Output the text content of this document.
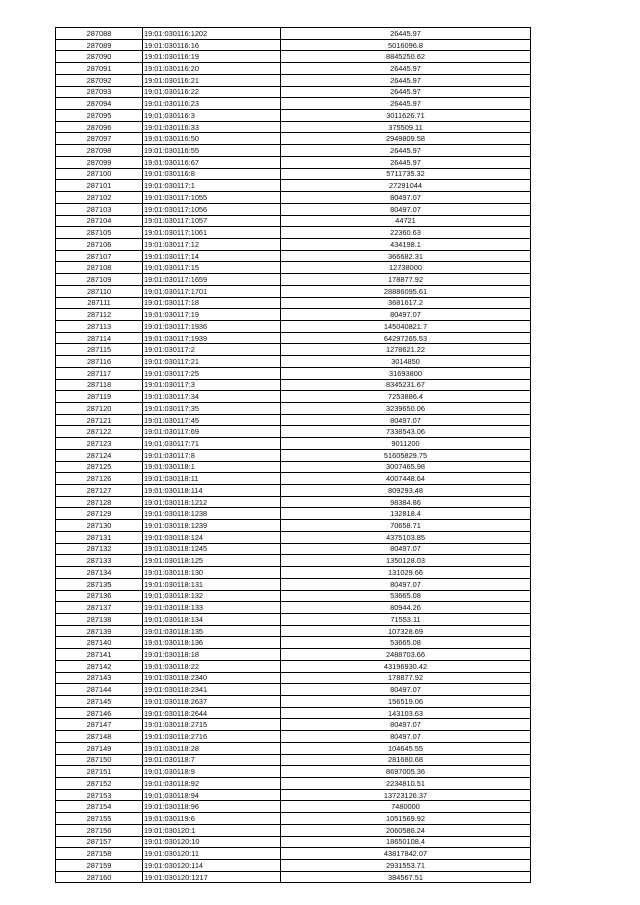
287088	19:01:030116:1202	26445.97
287089	19:01:030116:16	5016096.8
287090	19:01:030116:19	8845250.62
287091	19:01:030116:20	26445.97
287092	19:01:030116:21	26445.97
287093	19:01:030116:22	26445.97
287094	19:01:030116:23	26445.97
287095	19:01:030116:3	3011626.71
287096	19:01:030116:33	375509.11
287097	19:01:030116:50	2949809.58
287098	19:01:030116:55	26445.97
287099	19:01:030116:67	26445.97
287100	19:01:030116:8	5711735.32
287101	19:01:030117:1	27291044
287102	19:01:030117:1055	80497.07
287103	19:01:030117:1056	80497.07
287104	19:01:030117:1057	44721
287105	19:01:030117:1061	22360.63
287106	19:01:030117:12	434198.1
287107	19:01:030117:14	366682.31
287108	19:01:030117:15	12738000
287109	19:01:030117:1659	178877.92
287110	19:01:030117:1701	28886095.61
287111	19:01:030117:18	3681617.2
287112	19:01:030117:19	80497.07
287113	19:01:030117:1936	145040821.7
287114	19:01:030117:1939	64297265.53
287115	19:01:030117:2	1278621.22
287116	19:01:030117:21	3014850
287117	19:01:030117:25	31693800
287118	19:01:030117:3	8345231.67
287119	19:01:030117:34	7253886.4
287120	19:01:030117:35	3239650.06
287121	19:01:030117:45	80497.07
287122	19:01:030117:69	7338543.06
287123	19:01:030117:71	9011200
287124	19:01:030117:8	51605829.75
287125	19:01:030118:1	3007465.98
287126	19:01:030118:11	4007448.64
287127	19:01:030118:114	809293.48
287128	19:01:030118:1212	98384.86
287129	19:01:030118:1238	132818.4
287130	19:01:030118:1239	70658.71
287131	19:01:030118:124	4375103.85
287132	19:01:030118:1245	80497.07
287133	19:01:030118:125	1350128.03
287134	19:01:030118:130	131029.66
287135	19:01:030118:131	80497.07
287136	19:01:030118:132	53665.08
287137	19:01:030118:133	80944.26
287138	19:01:030118:134	71553.11
287139	19:01:030118:135	107328.69
287140	19:01:030118:136	53665.08
287141	19:01:030118:18	2488703.66
287142	19:01:030118:22	43196930.42
287143	19:01:030118:2340	178877.92
287144	19:01:030118:2341	80497.07
287145	19:01:030118:2637	156519.06
287146	19:01:030118:2644	143103.63
287147	19:01:030118:2715	80497.07
287148	19:01:030118:2716	80497.07
287149	19:01:030118:28	104645.55
287150	19:01:030118:7	281680.68
287151	19:01:030118:9	8697005.36
287152	19:01:030118:92	2234810.51
287153	19:01:030118:94	13723126.37
287154	19:01:030118:96	7480000
287155	19:01:030119:6	1051569.92
287156	19:01:030120:1	2060586.24
287157	19:01:030120:10	18650108.4
287158	19:01:030120:11	43817842.07
287159	19:01:030120:114	2931553.71
287160	19:01:030120:1217	384567.51
